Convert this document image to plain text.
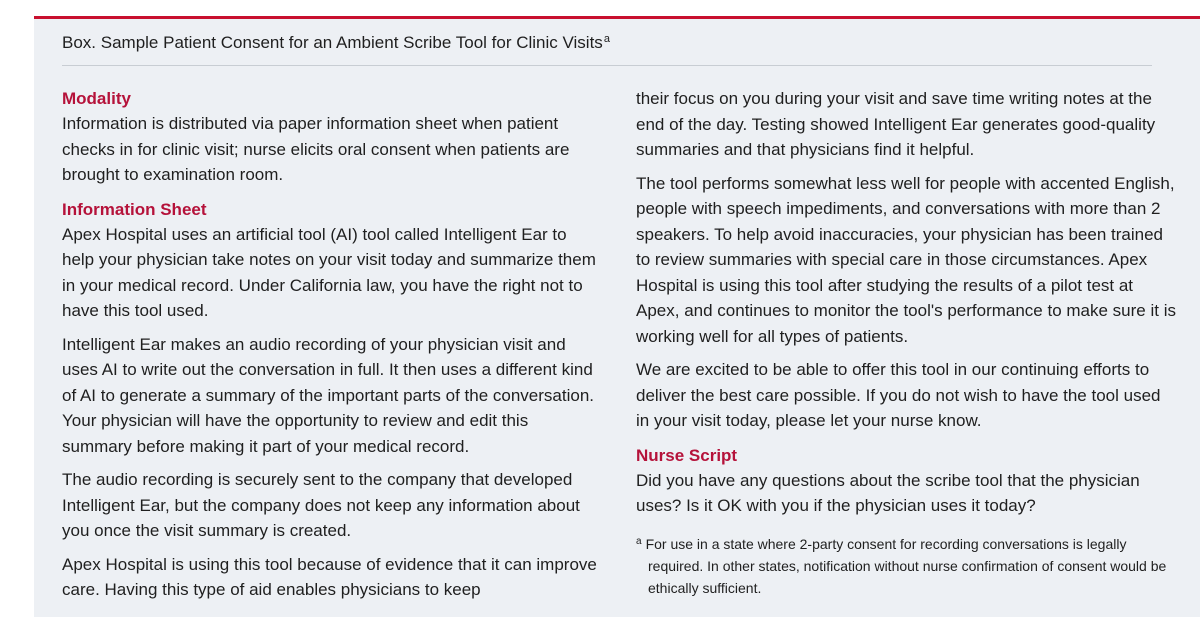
Box. Sample Patient Consent for an Ambient Scribe Tool for Clinic Visits$^a$
Modality

Information is distributed via paper information sheet when patient checks in for clinic visit; nurse elicits oral consent when patients are brought to examination room.

Information Sheet

Apex Hospital uses an artificial tool (AI) tool called Intelligent Ear to help your physician take notes on your visit today and summarize them in your medical record. Under California law, you have the right not to have this tool used.

Intelligent Ear makes an audio recording of your physician visit and uses AI to write out the conversation in full. It then uses a different kind of AI to generate a summary of the important parts of the conversation. Your physician will have the opportunity to review and edit this summary before making it part of your medical record.

The audio recording is securely sent to the company that developed Intelligent Ear, but the company does not keep any information about you once the visit summary is created.

Apex Hospital is using this tool because of evidence that it can improve care. Having this type of aid enables physicians to keep

their focus on you during your visit and save time writing notes at the end of the day. Testing showed Intelligent Ear generates good-quality summaries and that physicians find it helpful.

The tool performs somewhat less well for people with accented English, people with speech impediments, and conversations with more than 2 speakers. To help avoid inaccuracies, your physician has been trained to review summaries with special care in those circumstances. Apex Hospital is using this tool after studying the results of a pilot test at Apex, and continues to monitor the tool's performance to make sure it is working well for all types of patients.

We are excited to be able to offer this tool in our continuing efforts to deliver the best care possible. If you do not wish to have the tool used in your visit today, please let your nurse know.

Nurse Script

Did you have any questions about the scribe tool that the physician uses? Is it OK with you if the physician uses it today?

$^a$ For use in a state where 2-party consent for recording conversations is legally required. In other states, notification without nurse confirmation of consent would be ethically sufficient.
